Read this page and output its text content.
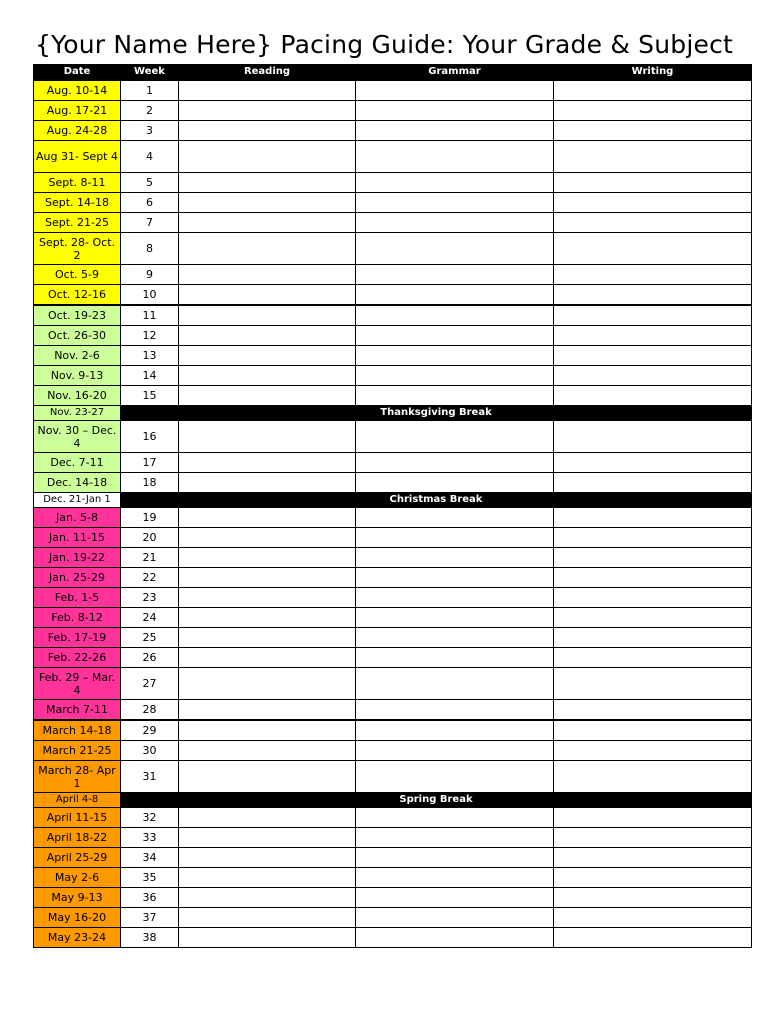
{Your Name Here} Pacing Guide: Your Grade & Subject
Date	Week	Reading	Grammar	Writing
Aug. 10-14	1			
Aug. 17-21	2			
Aug. 24-28	3			
Aug 31- Sept 4	4			
Sept. 8-11	5			
Sept. 14-18	6			
Sept. 21-25	7			
Sept. 28- Oct. 2	8			
Oct. 5-9	9			
Oct. 12-16	10			
Oct. 19-23	11			
Oct. 26-30	12			
Nov. 2-6	13			
Nov. 9-13	14			
Nov. 16-20	15			
Nov. 23-27	Thanksgiving Break			
Nov. 30 – Dec. 4	16			
Dec. 7-11	17			
Dec. 14-18	18			
Dec. 21-Jan 1	Christmas Break			
Jan. 5-8	19			
Jan. 11-15	20			
Jan. 19-22	21			
Jan. 25-29	22			
Feb. 1-5	23			
Feb. 8-12	24			
Feb. 17-19	25			
Feb. 22-26	26			
Feb. 29 – Mar. 4	27			
March 7-11	28			
March 14-18	29			
March 21-25	30			
March 28- Apr 1	31			
April 4-8	Spring Break			
April 11-15	32			
April 18-22	33			
April 25-29	34			
May 2-6	35			
May 9-13	36			
May 16-20	37			
May 23-24	38			
